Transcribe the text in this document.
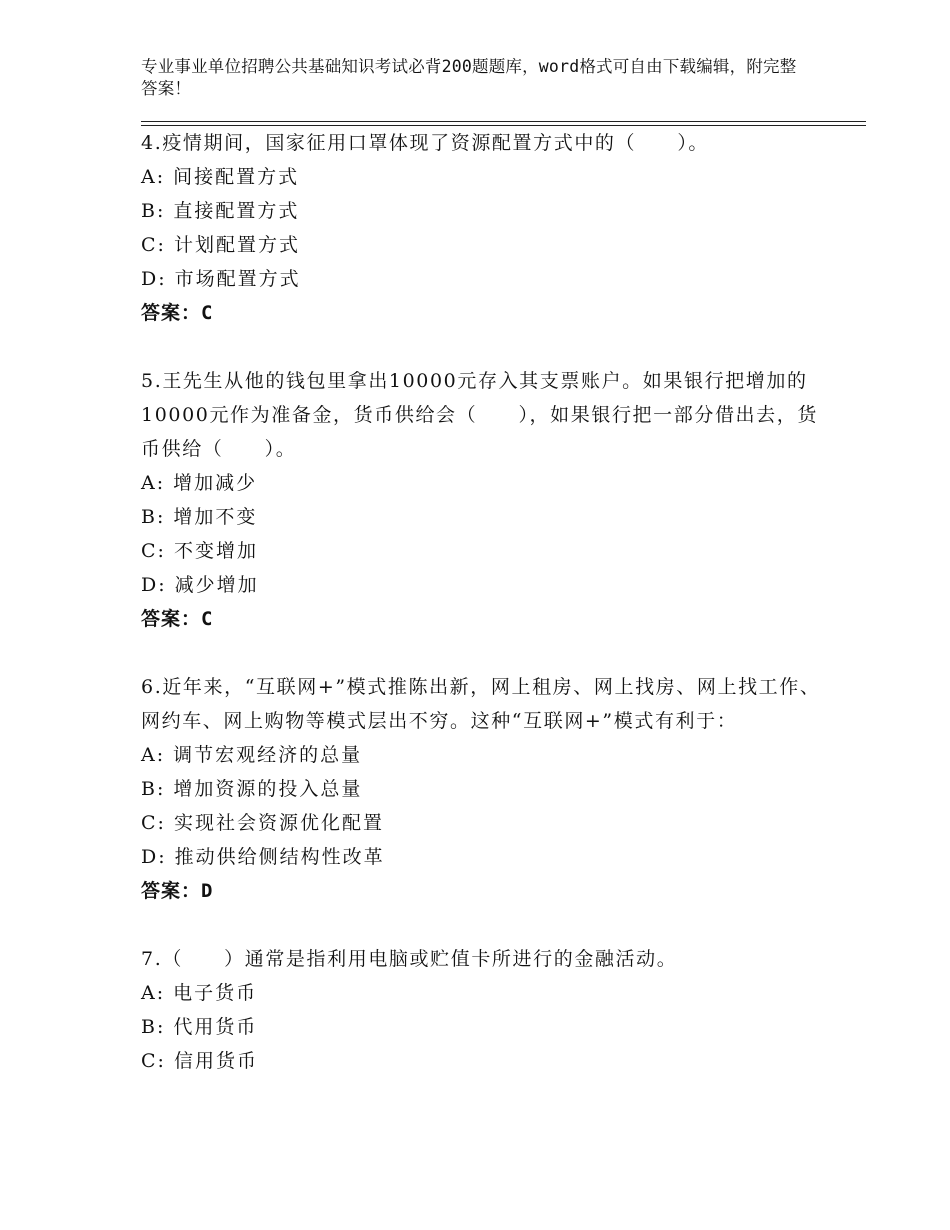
专业事业单位招聘公共基础知识考试必背200题题库，word格式可自由下载编辑，附完整答案！

4.疫情期间，国家征用口罩体现了资源配置方式中的（　　）。

A: 间接配置方式

B: 直接配置方式

C: 计划配置方式

D: 市场配置方式

答案：C

5.王先生从他的钱包里拿出10000元存入其支票账户。如果银行把增加的10000元作为准备金，货币供给会（　　），如果银行把一部分借出去，货币供给（　　）。

A: 增加减少

B: 增加不变

C: 不变增加

D: 减少增加

答案：C

6.近年来，“互联网+”模式推陈出新，网上租房、网上找房、网上找工作、网约车、网上购物等模式层出不穷。这种“互联网+”模式有利于：

A: 调节宏观经济的总量

B: 增加资源的投入总量

C: 实现社会资源优化配置

D: 推动供给侧结构性改革

答案：D

7.（　　）通常是指利用电脑或贮值卡所进行的金融活动。

A: 电子货币

B: 代用货币

C: 信用货币
